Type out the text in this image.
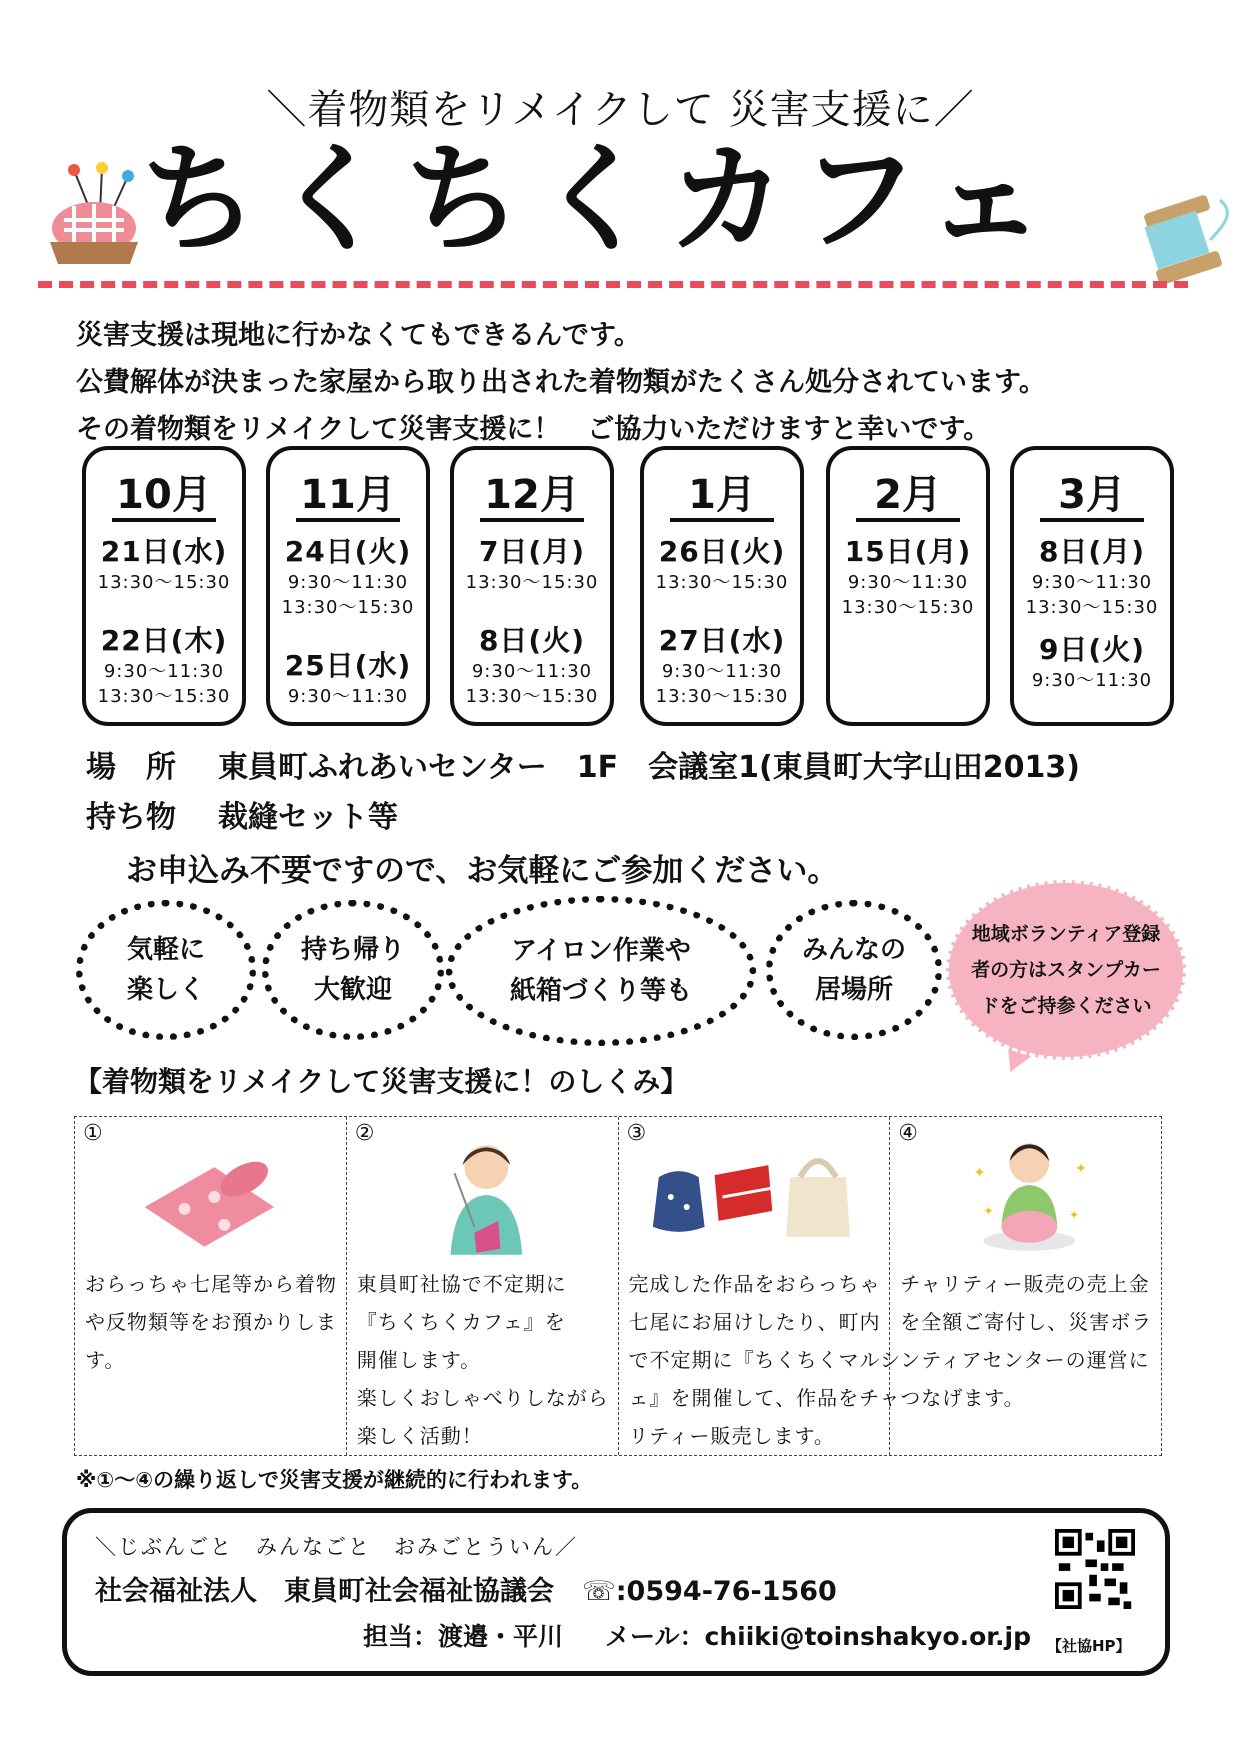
＼着物類をリメイクして 災害支援に／
ちくちくカフェ
災害支援は現地に行かなくてもできるんです。
公費解体が決まった家屋から取り出された着物類がたくさん処分されています。
その着物類をリメイクして災害支援に！　ご協力いただけますと幸いです。
10月
21日(水)
13:30〜15:30
22日(木)
9:30〜11:30
13:30〜15:30
11月
24日(火)
9:30〜11:30
13:30〜15:30
25日(水)
9:30〜11:30
12月
7日(月)
13:30〜15:30
8日(火)
9:30〜11:30
13:30〜15:30
1月
26日(火)
13:30〜15:30
27日(水)
9:30〜11:30
13:30〜15:30
2月
15日(月)
9:30〜11:30
13:30〜15:30
3月
8日(月)
9:30〜11:30
13:30〜15:30
9日(火)
9:30〜11:30
場　所 東員町ふれあいセンター　1F　会議室1(東員町大字山田2013)
持ち物 裁縫セット等
お申込み不要ですので、お気軽にご参加ください。
気軽に
楽しく
持ち帰り
大歓迎
アイロン作業や
紙箱づくり等も
みんなの
居場所
地域ボランティア登録
者の方はスタンプカー
ドをご持参ください
【着物類をリメイクして災害支援に！のしくみ】
①
おらっちゃ七尾等から着物
や反物類等をお預かりしま
す。
②
東員町社協で不定期に
『ちくちくカフェ』を
開催します。
楽しくおしゃべりしながら
楽しく活動！
③
完成した作品をおらっちゃ
七尾にお届けしたり、町内
で不定期に『ちくちくマルシ
ェ』を開催して、作品をチャ
リティー販売します。
④
✦	✦
✦	✦
チャリティー販売の売上金
を全額ご寄付し、災害ボラ
ンティアセンターの運営に
つなげます。
※①〜④の繰り返しで災害支援が継続的に行われます。
＼じぶんごと　みんなごと　おみごとういん／
社会福祉法人　東員町社会福祉協議会 ☏:0594-76-1560
担当：渡邉・平川 メール：chiiki@toinshakyo.or.jp 【社協HP】
